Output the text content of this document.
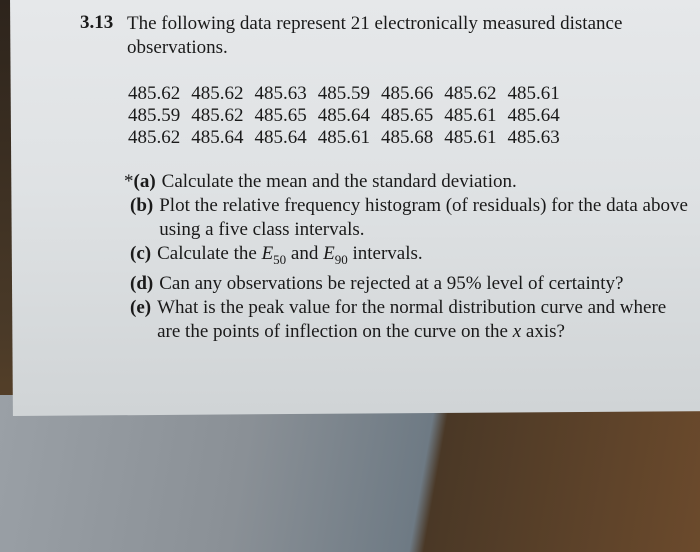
3.13 The following data represent 21 electronically measured distance observations.
485.62	485.62	485.63	485.59	485.66	485.62	485.61
485.59	485.62	485.65	485.64	485.65	485.61	485.64
485.62	485.64	485.64	485.61	485.68	485.61	485.63
*(a) Calculate the mean and the standard deviation.
(b) Plot the relative frequency histogram (of residuals) for the data above using a five class intervals.
(c) Calculate the $E_{50}$ and $E_{90}$ intervals.
(d) Can any observations be rejected at a 95% level of certainty?
(e) What is the peak value for the normal distribution curve and where are the points of inflection on the curve on the x axis?
